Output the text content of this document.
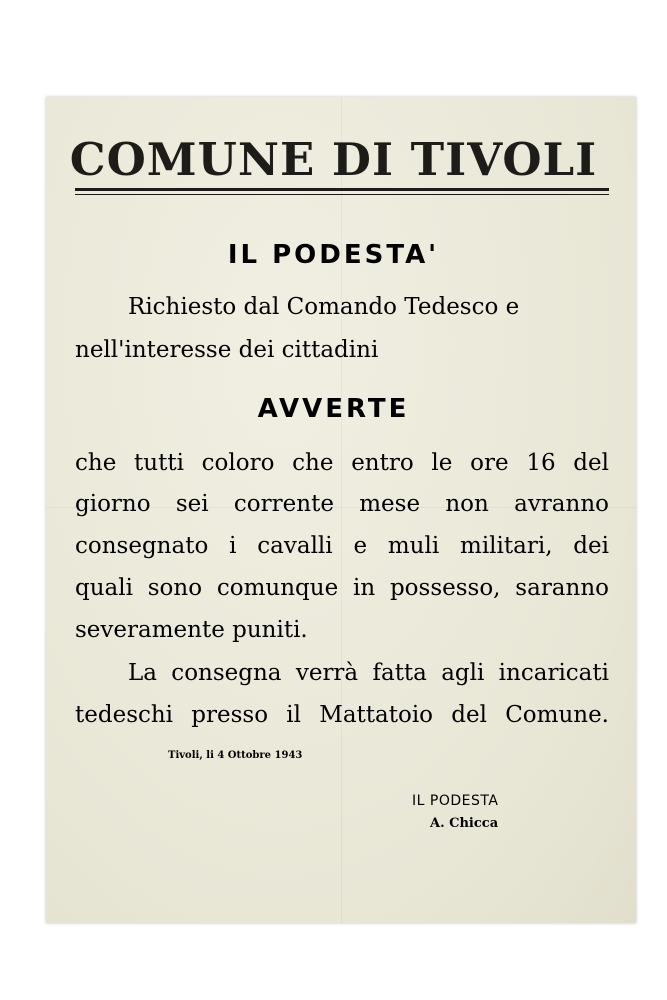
COMUNE DI TIVOLI

IL PODESTA'

Richiesto dal Comando Tedesco e

nell'interesse dei cittadini

AVVERTE

che tutti coloro che entro le ore 16 del

giorno sei corrente mese non avranno

consegnato i cavalli e muli militari, dei

quali sono comunque in possesso, saranno

severamente puniti.

La consegna verrà fatta agli incaricati

tedeschi presso il Mattatoio del Comune.

Tivoli, li 4 Ottobre 1943

IL PODESTA

A. Chicca
